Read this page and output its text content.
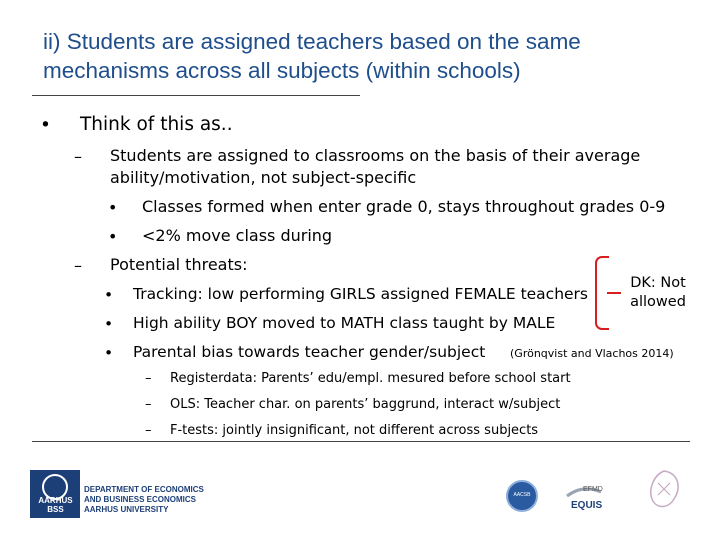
ii) Students are assigned teachers based on the same mechanisms across all subjects (within schools)
• Think of this as..
– Students are assigned to classrooms on the basis of their average
ability/motivation, not subject-specific
• Classes formed when enter grade 0, stays throughout grades 0-9
• <2% move class during
– Potential threats:
• Tracking: low performing GIRLS assigned FEMALE teachers
• High ability BOY moved to MATH class taught by MALE
• Parental bias towards teacher gender/subject (Grönqvist and Vlachos 2014)
DK: Not
allowed
– Registerdata: Parents’ edu/empl. mesured before school start
– OLS: Teacher char. on parents’ baggrund, interact w/subject
– F-tests: jointly insignificant, not different across subjects
AARHUS BSS
DEPARTMENT OF ECONOMICS
AND BUSINESS ECONOMICS
AARHUS UNIVERSITY
AACSB
EFMD
EQUIS
